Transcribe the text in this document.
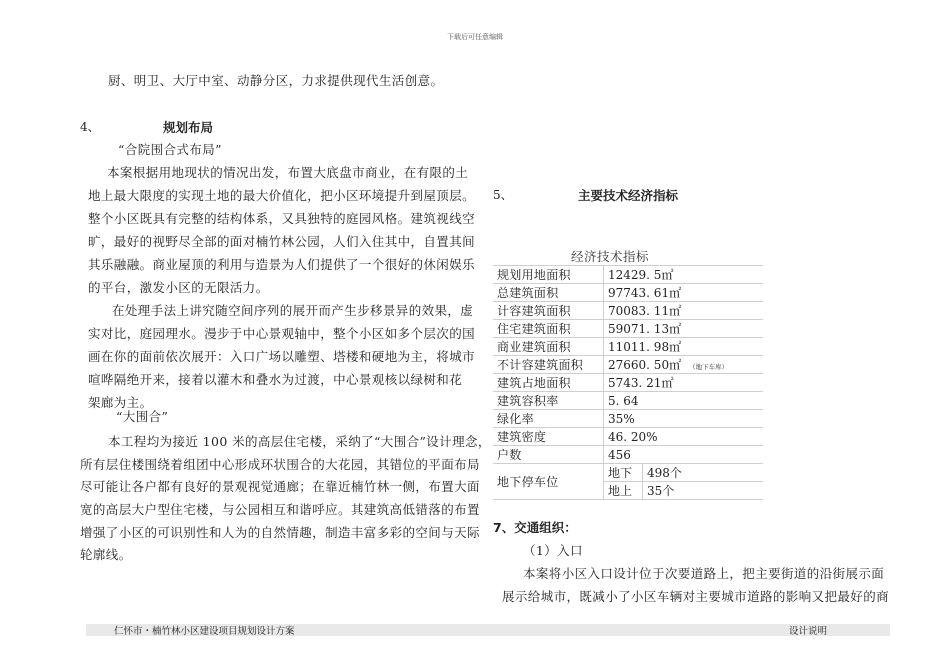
下载后可任意编辑
厨、明卫、大厅中室、动静分区，力求提供现代生活创意。
4、	规划布局
“合院围合式布局”
本案根据用地现状的情况出发，布置大底盘市商业，在有限的土
地上最大限度的实现土地的最大价值化，把小区环境提升到屋顶层。
整个小区既具有完整的结构体系，又具独特的庭园风格。建筑视线空
旷，最好的视野尽全部的面对楠竹林公园，人们入住其中，自置其间
其乐融融。商业屋顶的利用与造景为人们提供了一个很好的休闲娱乐
的平台，激发小区的无限活力。
在处理手法上讲究随空间序列的展开而产生步移景异的效果，虚
实对比，庭园理水。漫步于中心景观轴中，整个小区如多个层次的国
画在你的面前依次展开：入口广场以雕塑、塔楼和硬地为主，将城市
喧哗隔绝开来，接着以灌木和叠水为过渡，中心景观核以绿树和花
架廊为主。
“大围合”
本工程均为接近 100 米的高层住宅楼，采纳了“大围合”设计理念，
所有层住楼围绕着组团中心形成环状围合的大花园，其错位的平面布局
尽可能让各户都有良好的景观视觉通廊；在靠近楠竹林一侧，布置大面
宽的高层大户型住宅楼，与公园相互和谐呼应。其建筑高低错落的布置
增强了小区的可识别性和人为的自然情趣，制造丰富多彩的空间与天际
轮廓线。
5、	主要技术经济指标
经济技术指标
规划用地面积	12429. 5㎡	
总建筑面积	97743. 61㎡	
计容建筑面积	70083. 11㎡	
住宅建筑面积	59071. 13㎡	
商业建筑面积	11011. 98㎡	
不计容建筑面积	27660. 50㎡ （地下车库）	
建筑占地面积	5743. 21㎡	
建筑容积率	5. 64	
绿化率	35%	
建筑密度	46. 20%	
户数	456	
地下停车位	地下	498个
	地上	35个
7、交通组织：
（1）入口
本案将小区入口设计位于次要道路上，把主要街道的沿街展示面
展示给城市，既减小了小区车辆对主要城市道路的影响又把最好的商
仁怀市・楠竹林小区建设项目规划设计方案	设计说明
